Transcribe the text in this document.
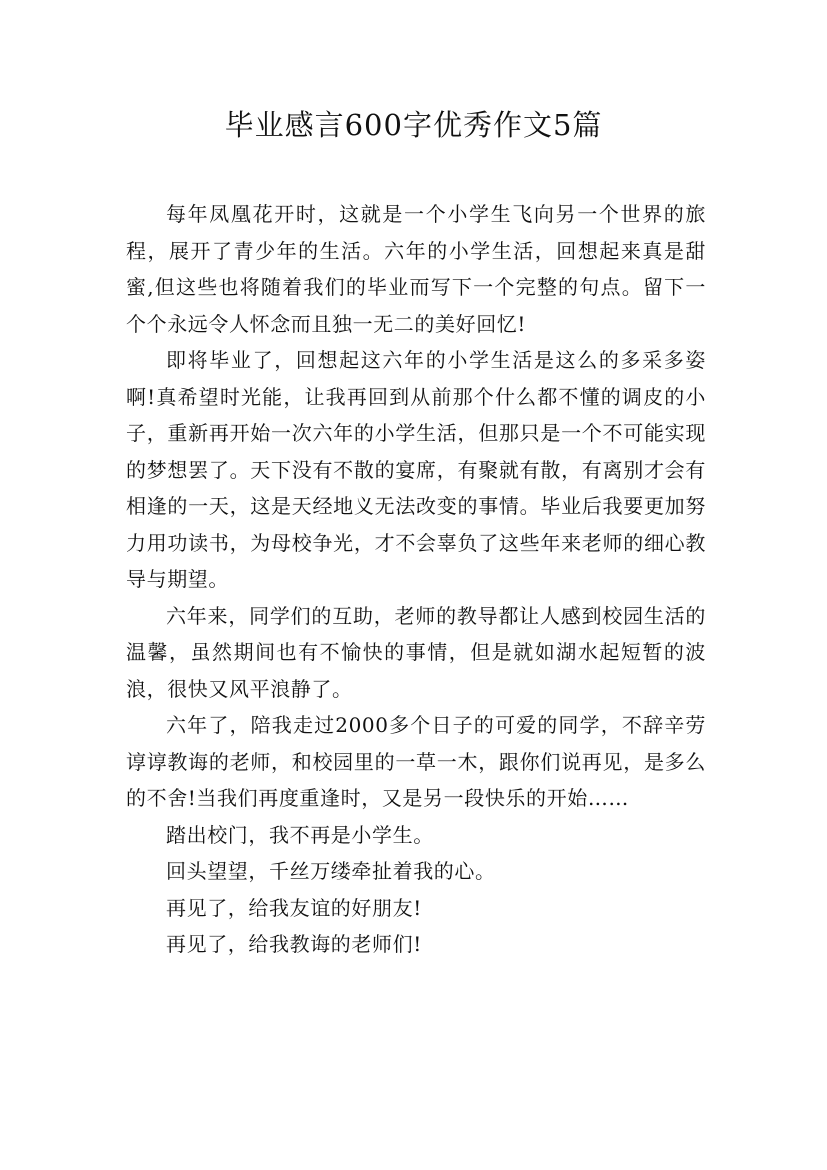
毕业感言600字优秀作文5篇

每年凤凰花开时，这就是一个小学生飞向另一个世界的旅程，展开了青少年的生活。六年的小学生活，回想起来真是甜蜜,但这些也将随着我们的毕业而写下一个完整的句点。留下一个个永远令人怀念而且独一无二的美好回忆!

即将毕业了，回想起这六年的小学生活是这么的多采多姿啊!真希望时光能，让我再回到从前那个什么都不懂的调皮的小子，重新再开始一次六年的小学生活，但那只是一个不可能实现的梦想罢了。天下没有不散的宴席，有聚就有散，有离别才会有相逢的一天，这是天经地义无法改变的事情。毕业后我要更加努力用功读书，为母校争光，才不会辜负了这些年来老师的细心教导与期望。

六年来，同学们的互助，老师的教导都让人感到校园生活的温馨，虽然期间也有不愉快的事情，但是就如湖水起短暂的波浪，很快又风平浪静了。

六年了，陪我走过2000多个日子的可爱的同学，不辞辛劳谆谆教诲的老师，和校园里的一草一木，跟你们说再见，是多么的不舍!当我们再度重逢时，又是另一段快乐的开始……

踏出校门，我不再是小学生。

回头望望，千丝万缕牵扯着我的心。

再见了，给我友谊的好朋友!

再见了，给我教诲的老师们!
